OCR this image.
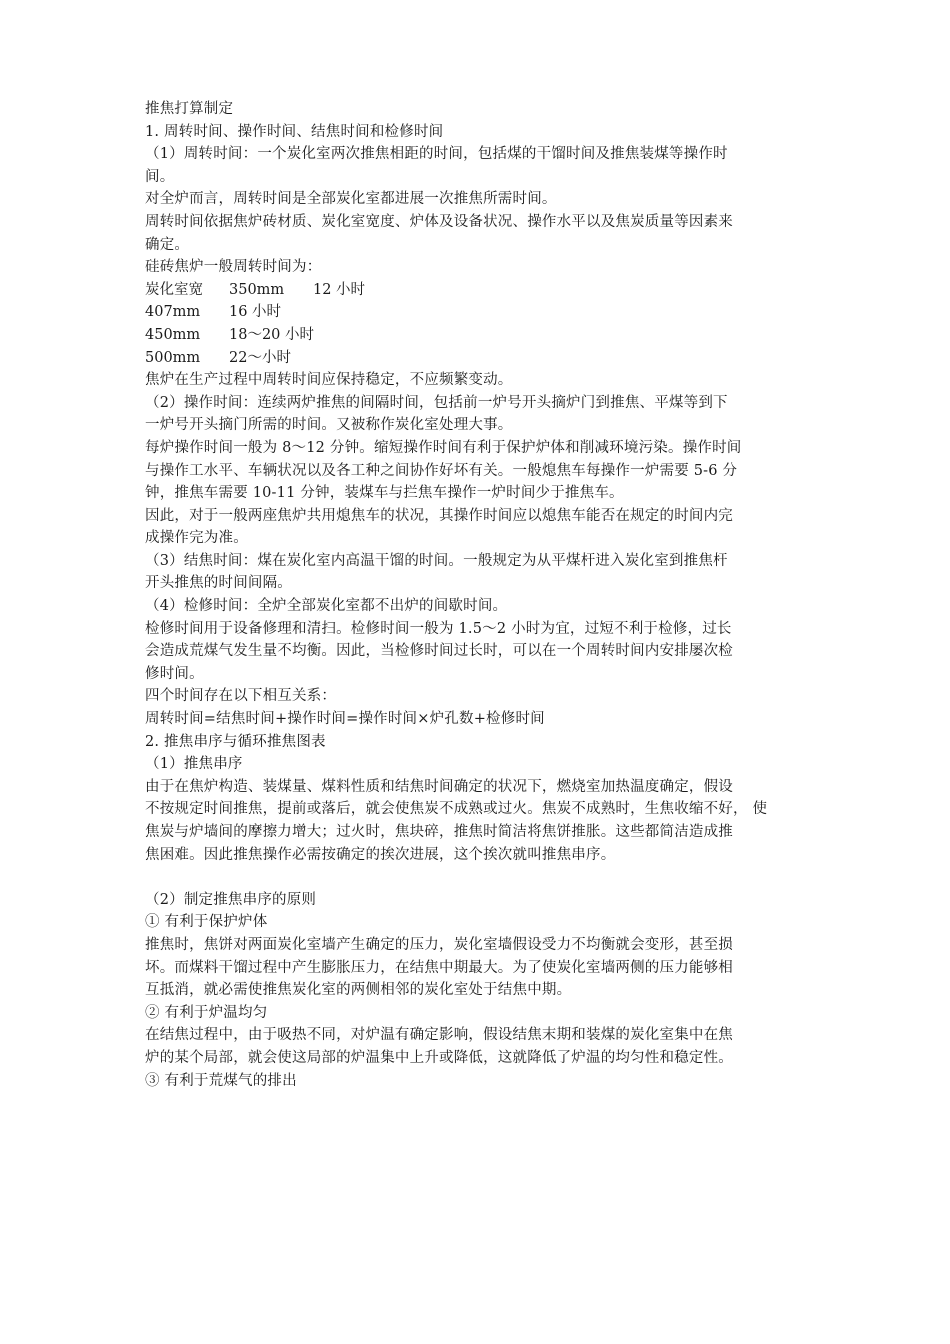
推焦打算制定
1. 周转时间、操作时间、结焦时间和检修时间
（1）周转时间：一个炭化室两次推焦相距的时间，包括煤的干馏时间及推焦装煤等操作时
间。
对全炉而言，周转时间是全部炭化室都进展一次推焦所需时间。
周转时间依据焦炉砖材质、炭化室宽度、炉体及设备状况、操作水平以及焦炭质量等因素来
确定。
硅砖焦炉一般周转时间为：
炭化室宽	350mm	12 小时
407mm	16 小时
450mm	18～20 小时
500mm	22～小时
焦炉在生产过程中周转时间应保持稳定，不应频繁变动。
（2）操作时间：连续两炉推焦的间隔时间，包括前一炉号开头摘炉门到推焦、平煤等到下
一炉号开头摘门所需的时间。又被称作炭化室处理大事。
每炉操作时间一般为 8～12 分钟。缩短操作时间有利于保护炉体和削减环境污染。操作时间
与操作工水平、车辆状况以及各工种之间协作好坏有关。一般熄焦车每操作一炉需要 5-6 分
钟，推焦车需要 10-11 分钟，装煤车与拦焦车操作一炉时间少于推焦车。
因此，对于一般两座焦炉共用熄焦车的状况，其操作时间应以熄焦车能否在规定的时间内完
成操作完为准。
（3）结焦时间：煤在炭化室内高温干馏的时间。一般规定为从平煤杆进入炭化室到推焦杆
开头推焦的时间间隔。
（4）检修时间：全炉全部炭化室都不出炉的间歇时间。
检修时间用于设备修理和清扫。检修时间一般为 1.5～2 小时为宜，过短不利于检修，过长
会造成荒煤气发生量不均衡。因此，当检修时间过长时，可以在一个周转时间内安排屡次检
修时间。
四个时间存在以下相互关系：
周转时间=结焦时间+操作时间=操作时间×炉孔数+检修时间
2. 推焦串序与循环推焦图表
（1）推焦串序
由于在焦炉构造、装煤量、煤料性质和结焦时间确定的状况下，燃烧室加热温度确定，假设
不按规定时间推焦，提前或落后，就会使焦炭不成熟或过火。焦炭不成熟时，生焦收缩不好， 使
焦炭与炉墙间的摩擦力增大；过火时，焦块碎，推焦时简洁将焦饼推胀。这些都简洁造成推
焦困难。因此推焦操作必需按确定的挨次进展，这个挨次就叫推焦串序。
（2）制定推焦串序的原则
① 有利于保护炉体
推焦时，焦饼对两面炭化室墙产生确定的压力，炭化室墙假设受力不均衡就会变形，甚至损
坏。而煤料干馏过程中产生膨胀压力，在结焦中期最大。为了使炭化室墙两侧的压力能够相
互抵消，就必需使推焦炭化室的两侧相邻的炭化室处于结焦中期。
② 有利于炉温均匀
在结焦过程中，由于吸热不同，对炉温有确定影响，假设结焦末期和装煤的炭化室集中在焦
炉的某个局部，就会使这局部的炉温集中上升或降低，这就降低了炉温的均匀性和稳定性。
③ 有利于荒煤气的排出
